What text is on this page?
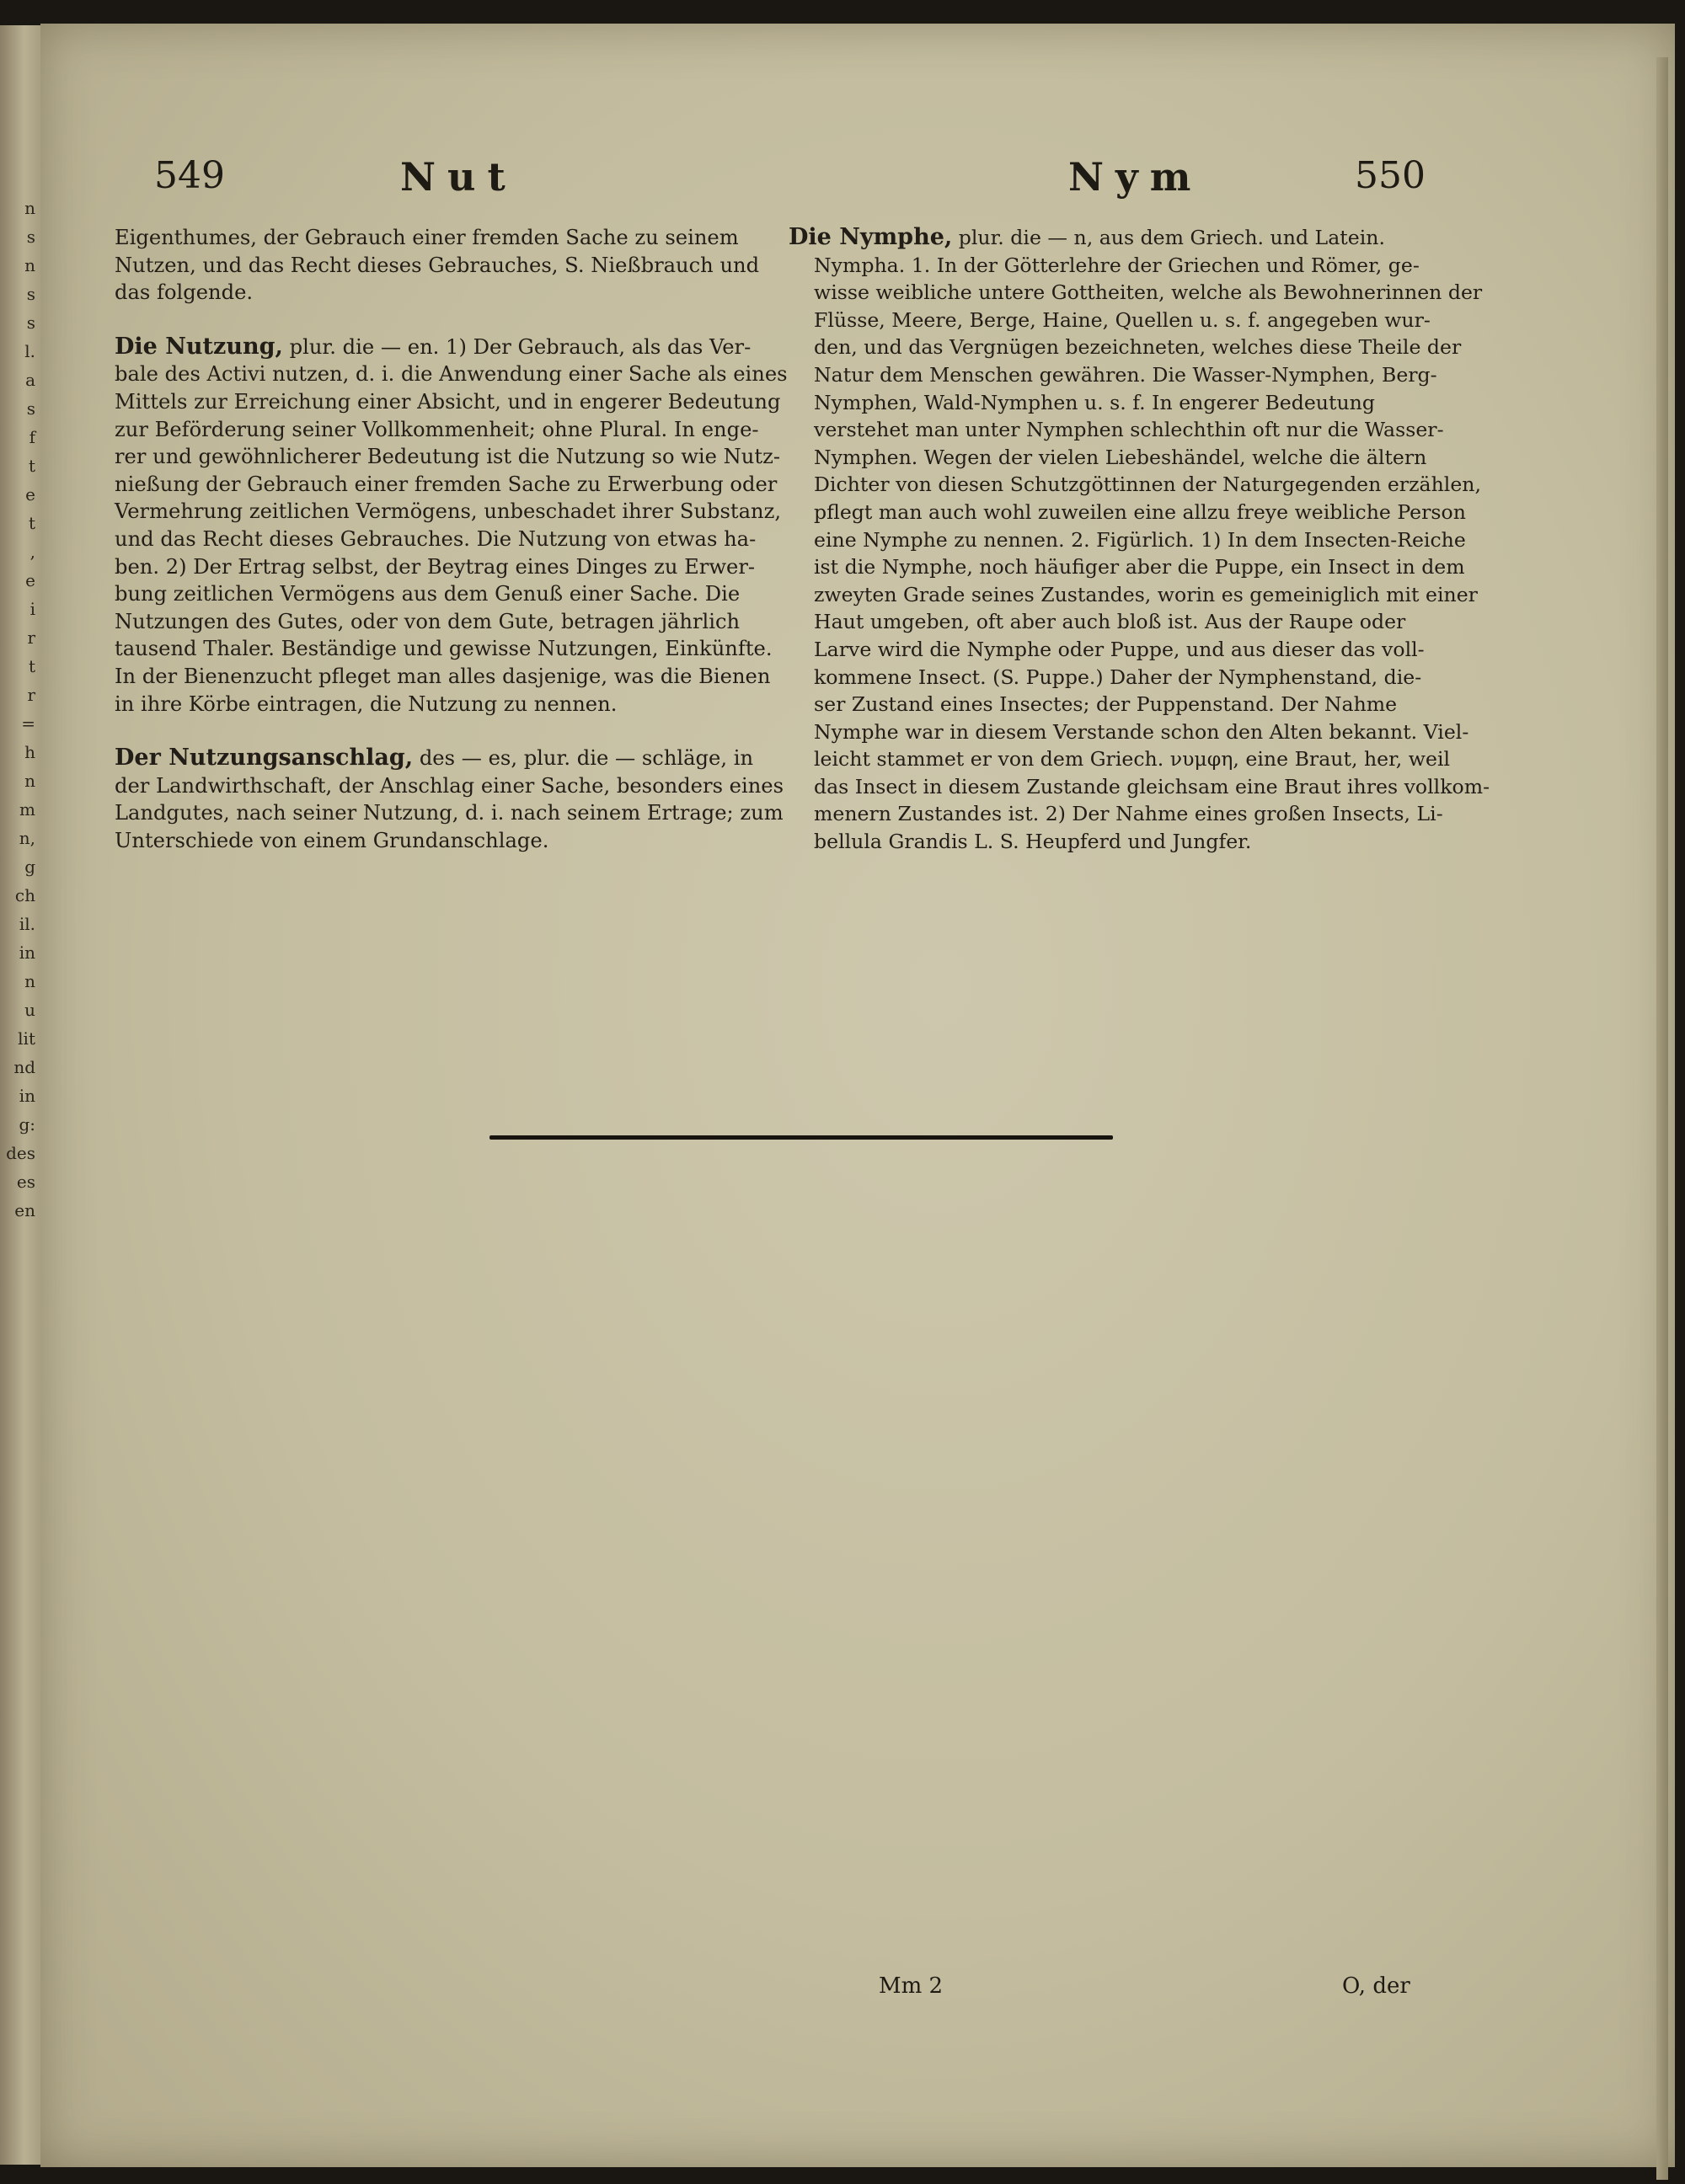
n
s
n
s
s
l.
a
s
f
t
e
t
,
e
i
r
t
r
=
h
n
m
n,
g
ch
il.
in
n
u
lit
nd
in
g:
des
es
en
549	Nut	Nym	550

Eigenthumes, der Gebrauch einer fremden Sache zu seinem
Nutzen, und das Recht dieses Gebrauches, S. Nießbrauch und
das folgende.

Die Nutzung, plur. die — en. 1) Der Gebrauch, als das Ver-
bale des Activi nutzen, d. i. die Anwendung einer Sache als eines
Mittels zur Erreichung einer Absicht, und in engerer Bedeutung
zur Beförderung seiner Vollkommenheit; ohne Plural. In enge-
rer und gewöhnlicherer Bedeutung ist die Nutzung so wie Nutz-
nießung der Gebrauch einer fremden Sache zu Erwerbung oder
Vermehrung zeitlichen Vermögens, unbeschadet ihrer Substanz,
und das Recht dieses Gebrauches. Die Nutzung von etwas ha-
ben. 2) Der Ertrag selbst, der Beytrag eines Dinges zu Erwer-
bung zeitlichen Vermögens aus dem Genuß einer Sache. Die
Nutzungen des Gutes, oder von dem Gute, betragen jährlich
tausend Thaler. Beständige und gewisse Nutzungen, Einkünfte.
In der Bienenzucht pfleget man alles dasjenige, was die Bienen
in ihre Körbe eintragen, die Nutzung zu nennen.

Der Nutzungsanschlag, des — es, plur. die — schläge, in
der Landwirthschaft, der Anschlag einer Sache, besonders eines
Landgutes, nach seiner Nutzung, d. i. nach seinem Ertrage; zum
Unterschiede von einem Grundanschlage.

Die Nymphe, plur. die — n, aus dem Griech. und Latein.
Nympha. 1. In der Götterlehre der Griechen und Römer, ge-
wisse weibliche untere Gottheiten, welche als Bewohnerinnen der
Flüsse, Meere, Berge, Haine, Quellen u. s. f. angegeben wur-
den, und das Vergnügen bezeichneten, welches diese Theile der
Natur dem Menschen gewähren. Die Wasser-Nymphen, Berg-
Nymphen, Wald-Nymphen u. s. f. In engerer Bedeutung
verstehet man unter Nymphen schlechthin oft nur die Wasser-
Nymphen. Wegen der vielen Liebeshändel, welche die ältern
Dichter von diesen Schutzgöttinnen der Naturgegenden erzählen,
pflegt man auch wohl zuweilen eine allzu freye weibliche Person
eine Nymphe zu nennen. 2. Figürlich. 1) In dem Insecten-Reiche
ist die Nymphe, noch häufiger aber die Puppe, ein Insect in dem
zweyten Grade seines Zustandes, worin es gemeiniglich mit einer
Haut umgeben, oft aber auch bloß ist. Aus der Raupe oder
Larve wird die Nymphe oder Puppe, und aus dieser das voll-
kommene Insect. (S. Puppe.) Daher der Nymphenstand, die-
ser Zustand eines Insectes; der Puppenstand. Der Nahme
Nymphe war in diesem Verstande schon den Alten bekannt. Viel-
leicht stammet er von dem Griech. νυμφη, eine Braut, her, weil
das Insect in diesem Zustande gleichsam eine Braut ihres vollkom-
menern Zustandes ist. 2) Der Nahme eines großen Insects, Li-
bellula Grandis L. S. Heupferd und Jungfer.

Mm 2	O, der
